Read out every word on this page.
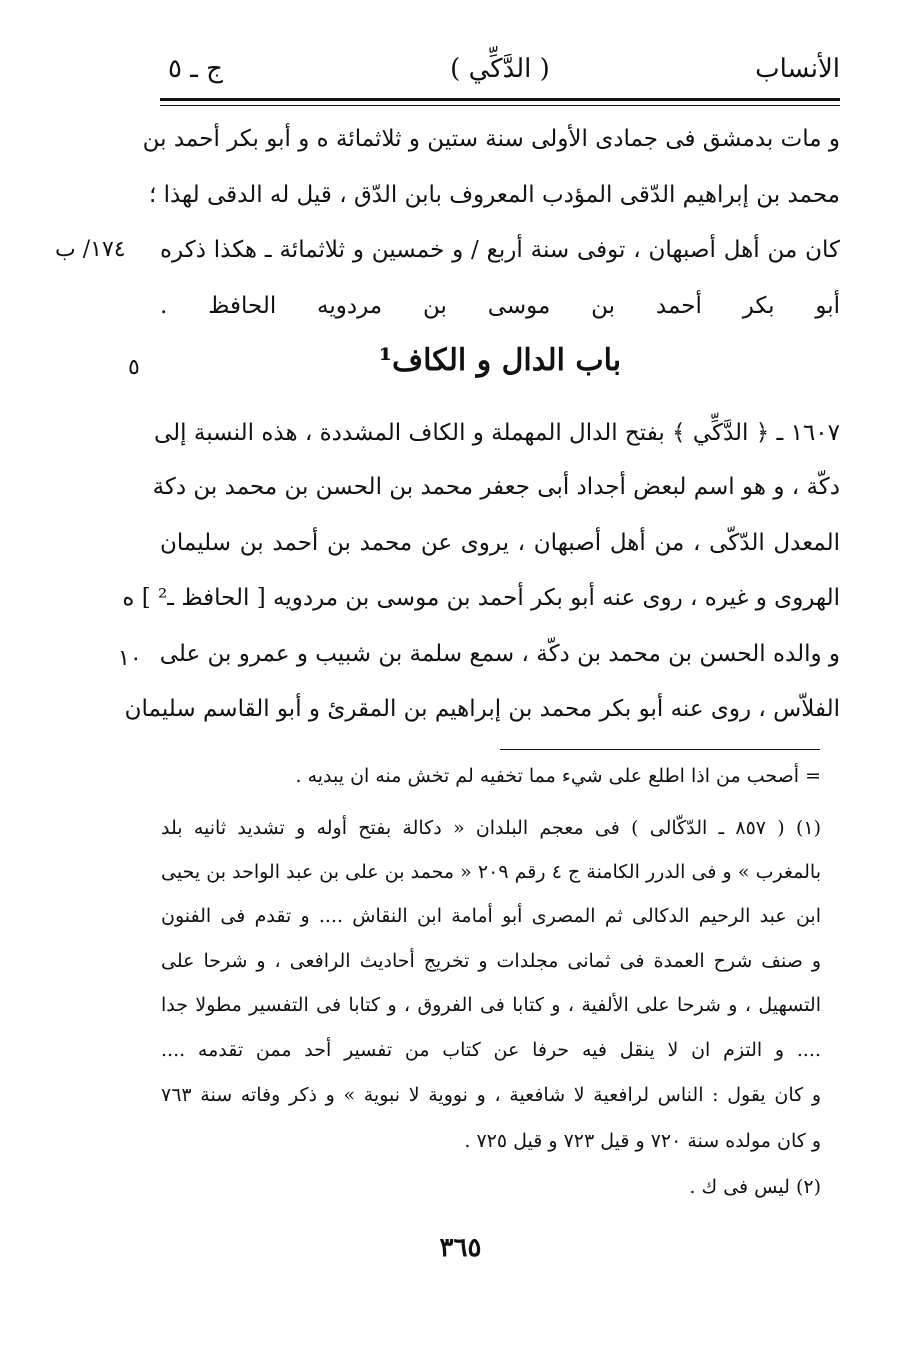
الأنساب
( الدَّكِّي )
ج ـ ٥
و مات بدمشق فى جمادى الأولى سنة ستين و ثلاثمائة ه و أبو بكر أحمد بن
محمد بن إبراهيم الدّقى المؤدب المعروف بابن الدّق ، قيل له الدقى لهذا ؛
كان من أهل أصبهان ، توفى سنة أربع / و خمسين و ثلاثمائة ـ هكذا ذكره
أبو بكر أحمد بن موسى بن مردويه الحافظ .
١٧٤/ ب
٥
١٠
باب الدال و الكاف¹
١٦٠٧ ـ ﴿ الدَّكِّي ﴾ بفتح الدال المهملة و الكاف المشددة ، هذه النسبة إلى
دكّة ، و هو اسم لبعض أجداد أبى جعفر محمد بن الحسن بن محمد بن دكة
المعدل الدّكّى ، من أهل أصبهان ، يروى عن محمد بن أحمد بن سليمان
الهروى و غيره ، روى عنه أبو بكر أحمد بن موسى بن مردويه [ الحافظ ـ² ] ه
و والده الحسن بن محمد بن دكّة ، سمع سلمة بن شبيب و عمرو بن على
الفلاّس ، روى عنه أبو بكر محمد بن إبراهيم بن المقرئ و أبو القاسم سليمان
= أصحب من اذا اطلع على شيء مما تخفيه لم تخش منه ان يبديه .
(١) ( ٨٥٧ ـ الدّكّالى ) فى معجم البلدان « دكالة بفتح أوله و تشديد ثانيه بلد
بالمغرب » و فى الدرر الكامنة ج ٤ رقم ٢٠٩ « محمد بن على بن عبد الواحد بن يحيى
ابن عبد الرحيم الدكالى ثم المصرى أبو أمامة ابن النقاش .... و تقدم فى الفنون
و صنف شرح العمدة فى ثمانى مجلدات و تخريج أحاديث الرافعى ، و شرحا على
التسهيل ، و شرحا على الألفية ، و كتابا فى الفروق ، و كتابا فى التفسير مطولا جدا
.... و التزم ان لا ينقل فيه حرفا عن كتاب من تفسير أحد ممن تقدمه ....
و كان يقول : الناس لرافعية لا شافعية ، و نووية لا نبوية » و ذكر وفاته سنة ٧٦٣
و كان مولده سنة ٧٢٠ و قيل ٧٢٣ و قيل ٧٢٥ .
(٢) ليس فى ك .
٣٦٥
